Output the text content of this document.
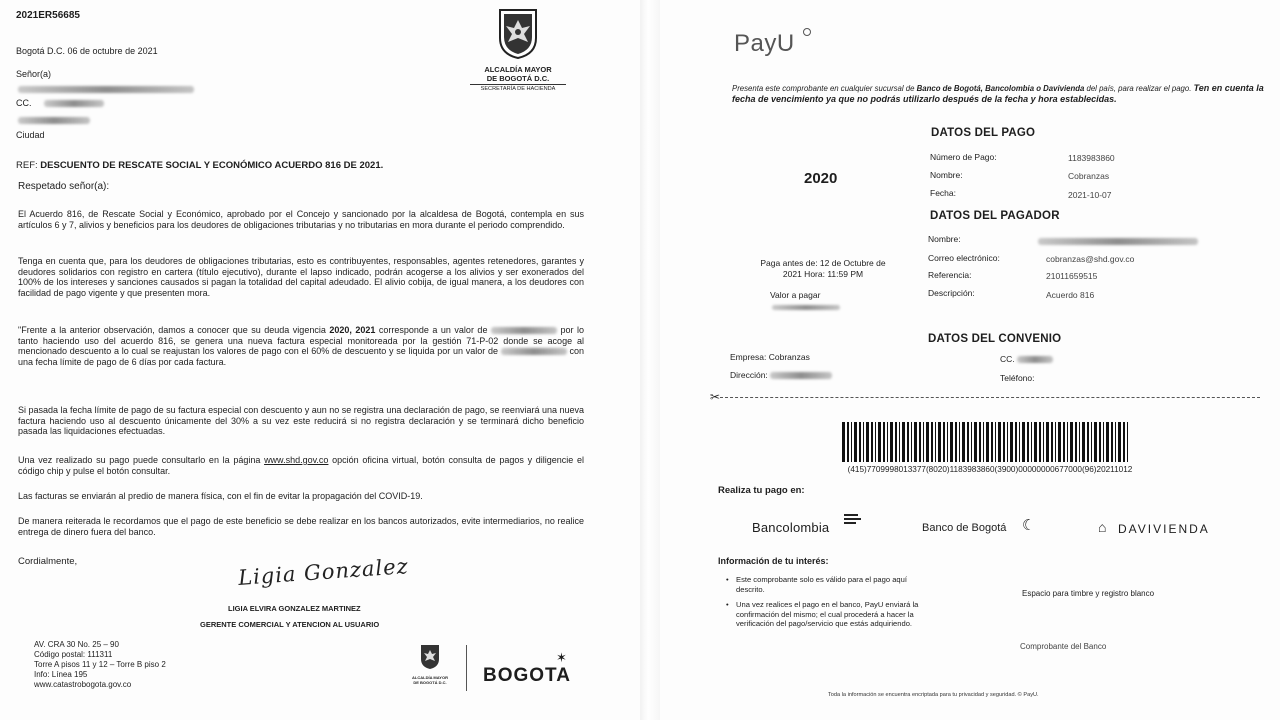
2021ER56685
Bogotá D.C. 06 de octubre de 2021
Señor(a)
CC.
Ciudad
ALCALDÍA MAYOR
DE BOGOTÁ D.C.
SECRETARÍA DE HACIENDA
REF: DESCUENTO DE RESCATE SOCIAL Y ECONÓMICO ACUERDO 816 DE 2021.
Respetado señor(a):
El Acuerdo 816, de Rescate Social y Económico, aprobado por el Concejo y sancionado por la alcaldesa de Bogotá, contempla en sus artículos 6 y 7, alivios y beneficios para los deudores de obligaciones tributarias y no tributarias en mora durante el periodo comprendido.
Tenga en cuenta que, para los deudores de obligaciones tributarias, esto es contribuyentes, responsables, agentes retenedores, garantes y deudores solidarios con registro en cartera (título ejecutivo), durante el lapso indicado, podrán acogerse a los alivios y ser exonerados del 100% de los intereses y sanciones causados si pagan la totalidad del capital adeudado. El alivio cobija, de igual manera, a los deudores con facilidad de pago vigente y que presenten mora.
"Frente a la anterior observación, damos a conocer que su deuda vigencia 2020, 2021 corresponde a un valor de	por lo tanto haciendo uso del acuerdo 816, se genera una nueva factura especial monitoreada por la gestión 71-P-02 donde se acoge al mencionado descuento a lo cual se reajustan los valores de pago con el 60% de descuento y se liquida por un valor de	con una fecha límite de pago de 6 días por cada factura.
Si pasada la fecha límite de pago de su factura especial con descuento y aun no se registra una declaración de pago, se reenviará una nueva factura haciendo uso al descuento únicamente del 30% a su vez este reducirá si no registra declaración y se terminará dicho beneficio pasada las liquidaciones efectuadas.
Una vez realizado su pago puede consultarlo en la página www.shd.gov.co opción oficina virtual, botón consulta de pagos y diligencie el código chip y pulse el botón consultar.
Las facturas se enviarán al predio de manera física, con el fin de evitar la propagación del COVID-19.
De manera reiterada le recordamos que el pago de este beneficio se debe realizar en los bancos autorizados, evite intermediarios, no realice entrega de dinero fuera del banco.
Cordialmente,	Ligia Gonzalez
LIGIA ELVIRA GONZALEZ MARTINEZ
GERENTE COMERCIAL Y ATENCION AL USUARIO
AV. CRA 30 No. 25 – 90
Código postal: 111311
Torre A pisos 11 y 12 – Torre B piso 2
Info: Línea 195
www.catastrobogota.gov.co
ALCALDÍA MAYOR
DE BOGOTÁ D.C. BOGOTA
✶
PayU
Presenta este comprobante en cualquier sucursal de Banco de Bogotá, Bancolombia o Davivienda del país, para realizar el pago. Ten en cuenta la fecha de vencimiento ya que no podrás utilizarlo después de la fecha y hora establecidas.
2020
Paga antes de: 12 de Octubre de
2021 Hora: 11:59 PM
Valor a pagar
DATOS DEL PAGO
Número de Pago:	1183983860
Nombre:	Cobranzas
Fecha:	2021-10-07
DATOS DEL PAGADOR
Nombre:
Correo electrónico:	cobranzas@shd.gov.co
Referencia:	21011659515
Descripción:	Acuerdo 816
DATOS DEL CONVENIO
Empresa: Cobranzas
Dirección:
CC.
Teléfono:
✂
(415)7709998013377(8020)1183983860(3900)00000000677000(96)20211012
Realiza tu pago en:
Bancolombia	Banco de Bogotá ☾	⌂ DAVIVIENDA
Información de tu interés:
• Este comprobante solo es válido para el pago aquí descrito.
• Una vez realices el pago en el banco, PayU enviará la confirmación del mismo; el cual procederá a hacer la verificación del pago/servicio que estás adquiriendo.
Espacio para timbre y registro blanco
Comprobante del Banco
Toda la información se encuentra encriptada para tu privacidad y seguridad. © PayU.
